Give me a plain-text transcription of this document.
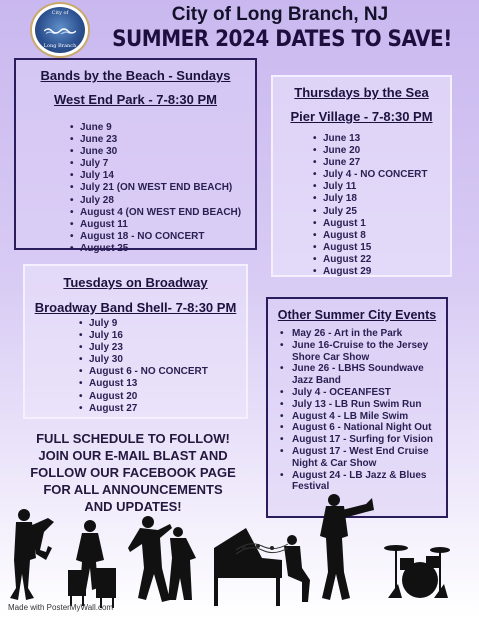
City of
Long Branch
City of Long Branch, NJ
SUMMER 2024 DATES TO SAVE!
Bands by the Beach - Sundays
West End Park - 7-8:30 PM
• June 9
• June 23
• June 30
• July 7
• July 14
• July 21 (ON WEST END BEACH)
• July 28
• August 4 (ON WEST END BEACH)
• August 11
• August 18 - NO CONCERT
• August 25
Thursdays by the Sea
Pier Village - 7-8:30 PM
• June 13
• June 20
• June 27
• July 4 - NO CONCERT
• July 11
• July 18
• July 25
• August 1
• August 8
• August 15
• August 22
• August 29
Tuesdays on Broadway
Broadway Band Shell- 7-8:30 PM
• July 9
• July 16
• July 23
• July 30
• August 6 - NO CONCERT
• August 13
• August 20
• August 27
Other Summer City Events
• May 26 - Art in the Park
• June 16-Cruise to the Jersey Shore Car Show
• June 26 - LBHS Soundwave Jazz Band
• July 4 - OCEANFEST
• July 13 - LB Run Swim Run
• August 4 - LB Mile Swim
• August 6 - National Night Out
• August 17 - Surfing for Vision
• August 17 - West End Cruise Night & Car Show
• August 24 - LB Jazz & Blues Festival
FULL SCHEDULE TO FOLLOW!
JOIN OUR E-MAIL BLAST AND
FOLLOW OUR FACEBOOK PAGE
FOR ALL ANNOUNCEMENTS
AND UPDATES!
Made with PosterMyWall.com
